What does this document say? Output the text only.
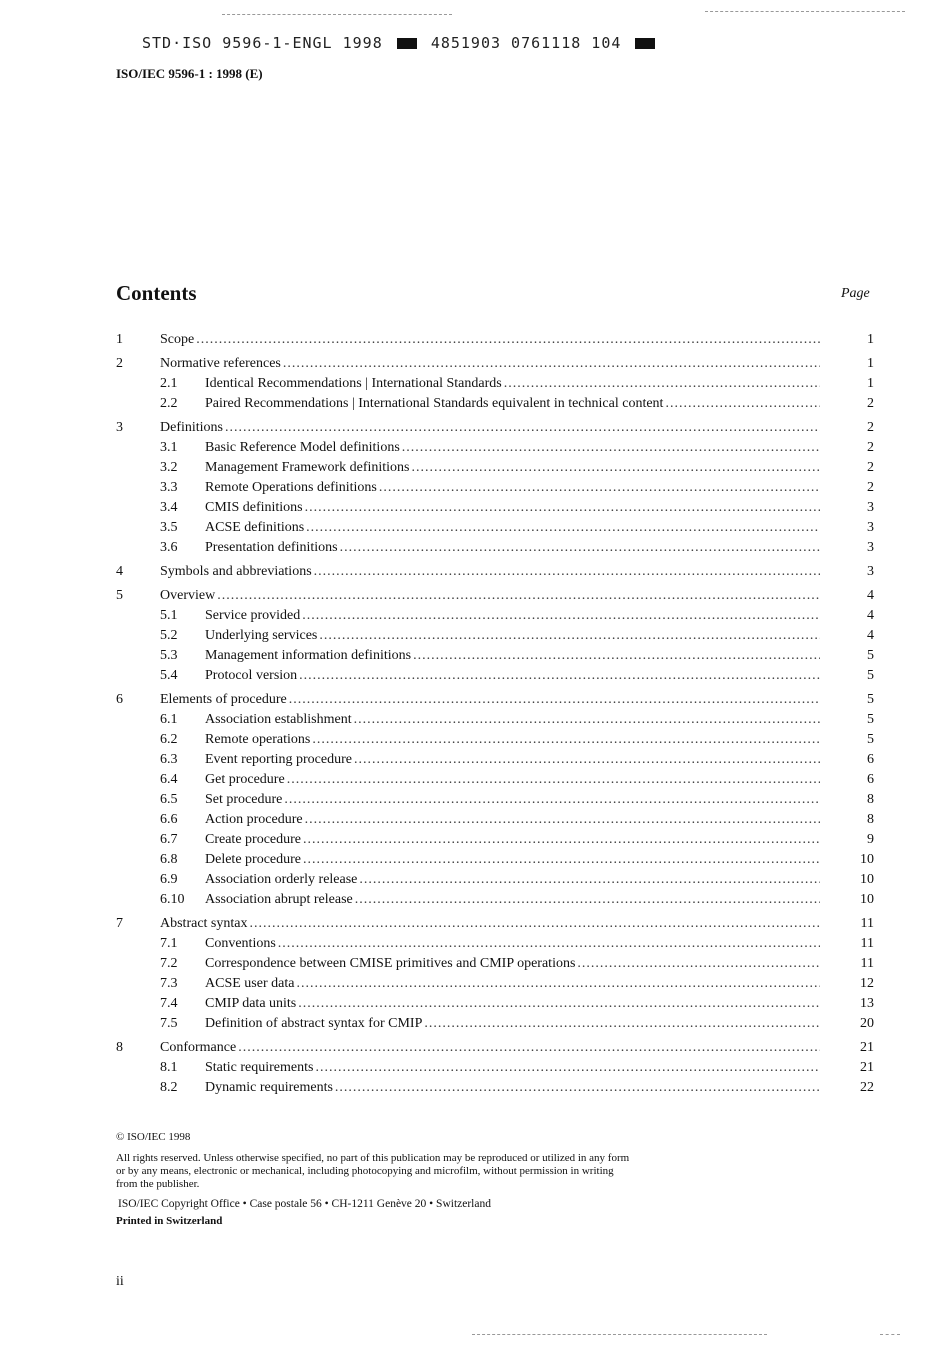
STD·ISO 9596-1-ENGL 1998	4851903 0761118 104
ISO/IEC 9596-1 : 1998 (E)
Contents	Page
1	Scope .....	1
2	Normative references .....	1
2.1	Identical Recommendations | International Standards .....	1
2.2	Paired Recommendations | International Standards equivalent in technical content .....	2
3	Definitions .....	2
3.1	Basic Reference Model definitions .....	2
3.2	Management Framework definitions .....	2
3.3	Remote Operations definitions .....	2
3.4	CMIS definitions .....	3
3.5	ACSE definitions .....	3
3.6	Presentation definitions .....	3
4	Symbols and abbreviations .....	3
5	Overview .....	4
5.1	Service provided .....	4
5.2	Underlying services .....	4
5.3	Management information definitions .....	5
5.4	Protocol version .....	5
6	Elements of procedure .....	5
6.1	Association establishment .....	5
6.2	Remote operations .....	5
6.3	Event reporting procedure .....	6
6.4	Get procedure .....	6
6.5	Set procedure .....	8
6.6	Action procedure .....	8
6.7	Create procedure .....	9
6.8	Delete procedure .....	10
6.9	Association orderly release .....	10
6.10	Association abrupt release .....	10
7	Abstract syntax .....	11
7.1	Conventions .....	11
7.2	Correspondence between CMISE primitives and CMIP operations .....	11
7.3	ACSE user data .....	12
7.4	CMIP data units .....	13
7.5	Definition of abstract syntax for CMIP .....	20
8	Conformance .....	21
8.1	Static requirements .....	21
8.2	Dynamic requirements .....	22
© ISO/IEC 1998
All rights reserved. Unless otherwise specified, no part of this publication may be reproduced or utilized in any form or by any means, electronic or mechanical, including photocopying and microfilm, without permission in writing from the publisher.
ISO/IEC Copyright Office • Case postale 56 • CH-1211 Genève 20 • Switzerland
Printed in Switzerland
ii
